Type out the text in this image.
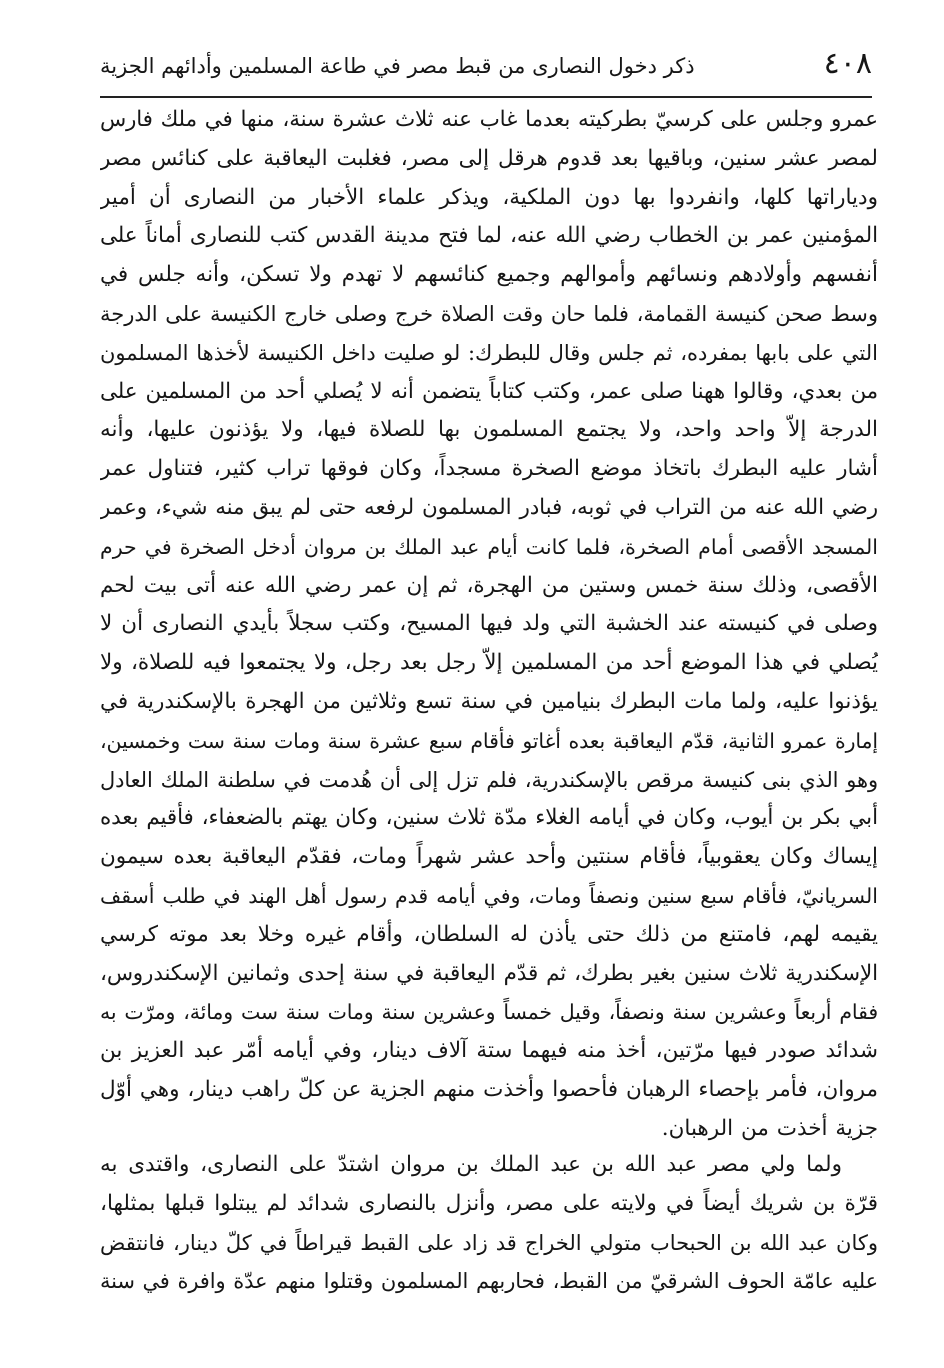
٤٠٨
ذكر دخول النصارى من قبط مصر في طاعة المسلمين وأدائهم الجزية
عمرو وجلس على كرسيّ بطركيته بعدما غاب عنه ثلاث عشرة سنة، منها في ملك فارس
لمصر عشر سنين، وباقيها بعد قدوم هرقل إلى مصر، فغلبت اليعاقبة على كنائس مصر
ودياراتها كلها، وانفردوا بها دون الملكية، ويذكر علماء الأخبار من النصارى أن أمير
المؤمنين عمر بن الخطاب رضي الله عنه، لما فتح مدينة القدس كتب للنصارى أماناً على
أنفسهم وأولادهم ونسائهم وأموالهم وجميع كنائسهم لا تهدم ولا تسكن، وأنه جلس في
وسط صحن كنيسة القمامة، فلما حان وقت الصلاة خرج وصلى خارج الكنيسة على الدرجة
التي على بابها بمفرده، ثم جلس وقال للبطرك: لو صليت داخل الكنيسة لأخذها المسلمون
من بعدي، وقالوا ههنا صلى عمر، وكتب كتاباً يتضمن أنه لا يُصلي أحد من المسلمين على
الدرجة إلاّ واحد واحد، ولا يجتمع المسلمون بها للصلاة فيها، ولا يؤذنون عليها، وأنه
أشار عليه البطرك باتخاذ موضع الصخرة مسجداً، وكان فوقها تراب كثير، فتناول عمر
رضي الله عنه من التراب في ثوبه، فبادر المسلمون لرفعه حتى لم يبق منه شيء، وعمر
المسجد الأقصى أمام الصخرة، فلما كانت أيام عبد الملك بن مروان أدخل الصخرة في حرم
الأقصى، وذلك سنة خمس وستين من الهجرة، ثم إن عمر رضي الله عنه أتى بيت لحم
وصلى في كنيسته عند الخشبة التي ولد فيها المسيح، وكتب سجلاً بأيدي النصارى أن لا
يُصلي في هذا الموضع أحد من المسلمين إلاّ رجل بعد رجل، ولا يجتمعوا فيه للصلاة، ولا
يؤذنوا عليه، ولما مات البطرك بنيامين في سنة تسع وثلاثين من الهجرة بالإسكندرية في
إمارة عمرو الثانية، قدّم اليعاقبة بعده أغاتو فأقام سبع عشرة سنة ومات سنة ست وخمسين،
وهو الذي بنى كنيسة مرقص بالإسكندرية، فلم تزل إلى أن هُدمت في سلطنة الملك العادل
أبي بكر بن أيوب، وكان في أيامه الغلاء مدّة ثلاث سنين، وكان يهتم بالضعفاء، فأقيم بعده
إيساك وكان يعقوبياً، فأقام سنتين وأحد عشر شهراً ومات، فقدّم اليعاقبة بعده سيمون
السريانيّ، فأقام سبع سنين ونصفاً ومات، وفي أيامه قدم رسول أهل الهند في طلب أسقف
يقيمه لهم، فامتنع من ذلك حتى يأذن له السلطان، وأقام غيره وخلا بعد موته كرسي
الإسكندرية ثلاث سنين بغير بطرك، ثم قدّم اليعاقبة في سنة إحدى وثمانين الإسكندروس،
فقام أربعاً وعشرين سنة ونصفاً، وقيل خمساً وعشرين سنة ومات سنة ست ومائة، ومرّت به
شدائد صودر فيها مرّتين، أخذ منه فيهما ستة آلاف دينار، وفي أيامه أمّر عبد العزيز بن
مروان، فأمر بإحصاء الرهبان فأحصوا وأخذت منهم الجزية عن كلّ راهب دينار، وهي أوّل
جزية أخذت من الرهبان.
ولما ولي مصر عبد الله بن عبد الملك بن مروان اشتدّ على النصارى، واقتدى به
قرّة بن شريك أيضاً في ولايته على مصر، وأنزل بالنصارى شدائد لم يبتلوا قبلها بمثلها،
وكان عبد الله بن الحبحاب متولي الخراج قد زاد على القبط قيراطاً في كلّ دينار، فانتقض
عليه عامّة الحوف الشرقيّ من القبط، فحاربهم المسلمون وقتلوا منهم عدّة وافرة في سنة
